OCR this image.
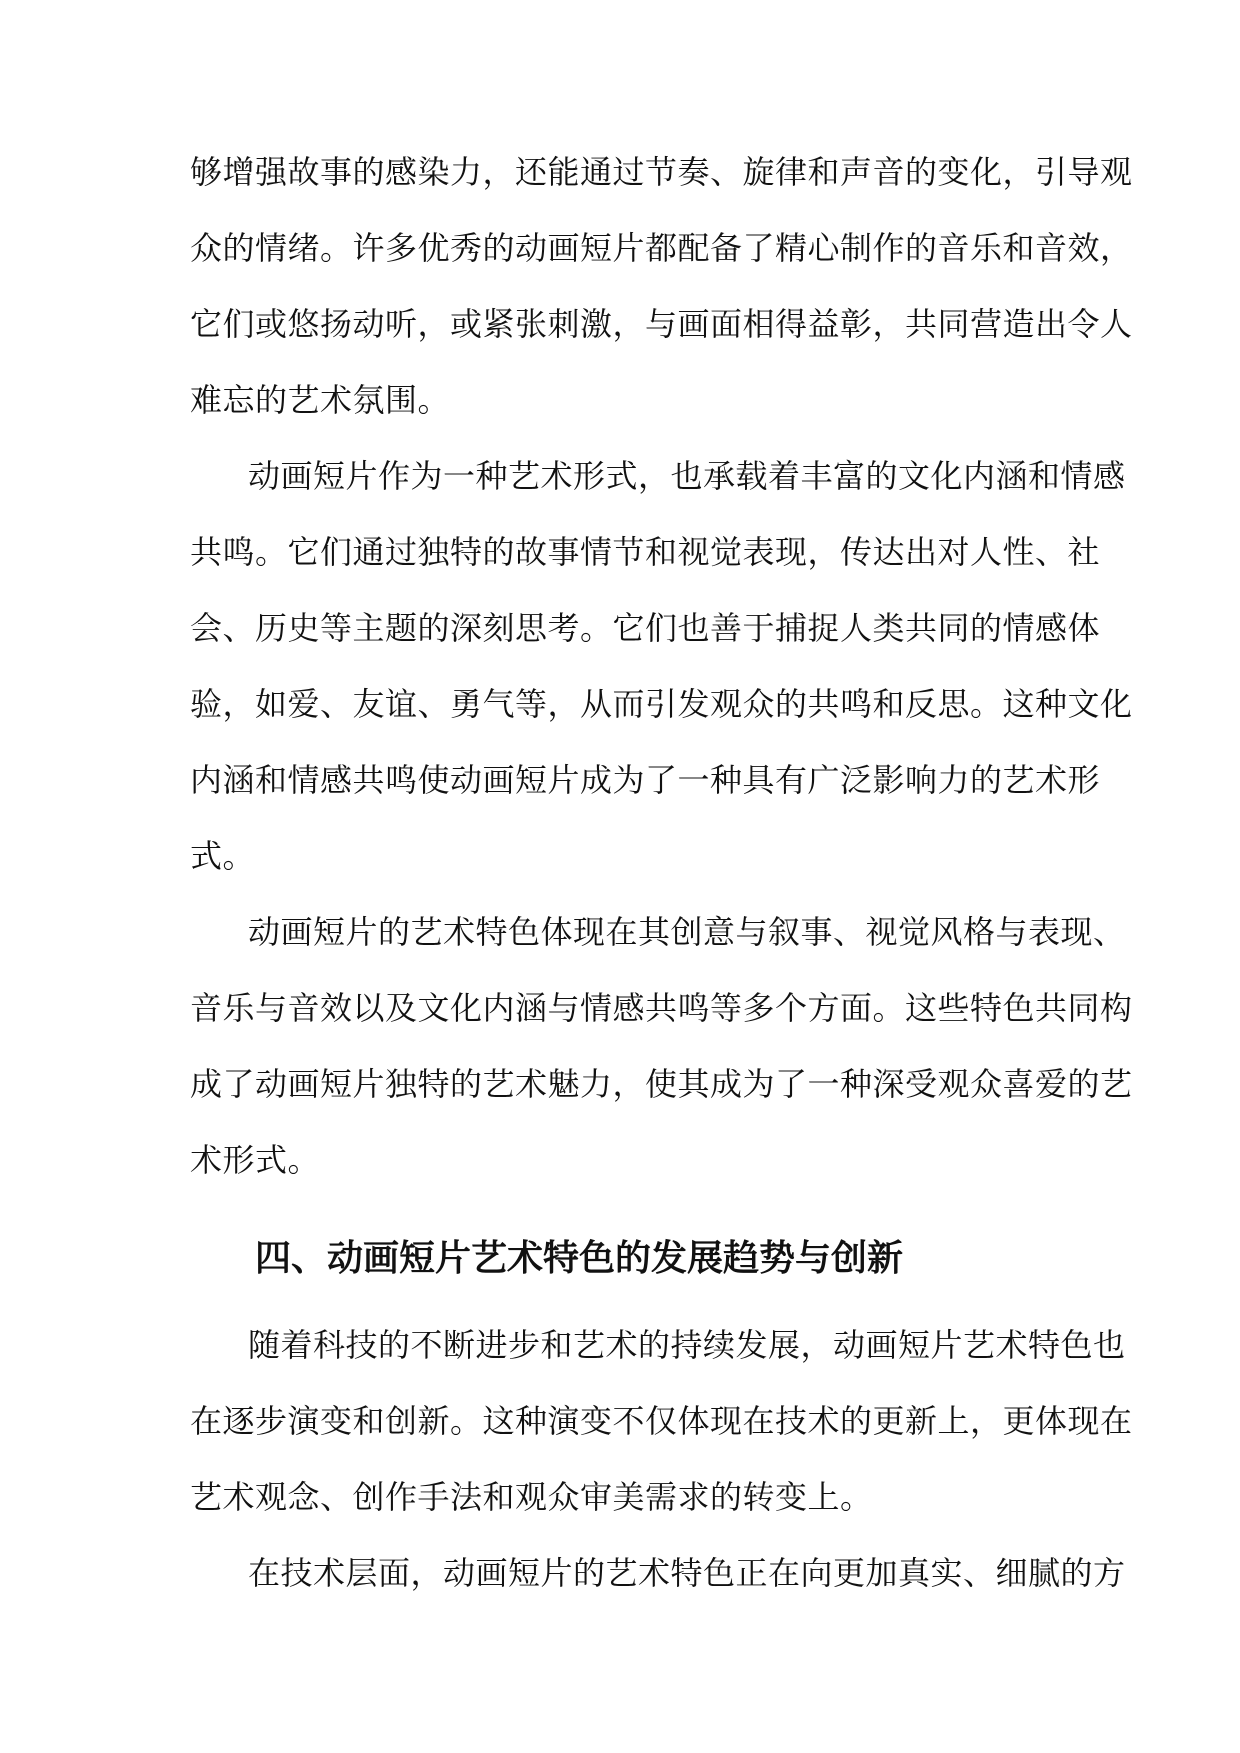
够增强故事的感染力，还能通过节奏、旋律和声音的变化，引导观
众的情绪。许多优秀的动画短片都配备了精心制作的音乐和音效，
它们或悠扬动听，或紧张刺激，与画面相得益彰，共同营造出令人
难忘的艺术氛围。
动画短片作为一种艺术形式，也承载着丰富的文化内涵和情感
共鸣。它们通过独特的故事情节和视觉表现，传达出对人性、社
会、历史等主题的深刻思考。它们也善于捕捉人类共同的情感体
验，如爱、友谊、勇气等，从而引发观众的共鸣和反思。这种文化
内涵和情感共鸣使动画短片成为了一种具有广泛影响力的艺术形
式。
动画短片的艺术特色体现在其创意与叙事、视觉风格与表现、
音乐与音效以及文化内涵与情感共鸣等多个方面。这些特色共同构
成了动画短片独特的艺术魅力，使其成为了一种深受观众喜爱的艺
术形式。
四、动画短片艺术特色的发展趋势与创新
随着科技的不断进步和艺术的持续发展，动画短片艺术特色也
在逐步演变和创新。这种演变不仅体现在技术的更新上，更体现在
艺术观念、创作手法和观众审美需求的转变上。
在技术层面，动画短片的艺术特色正在向更加真实、细腻的方
